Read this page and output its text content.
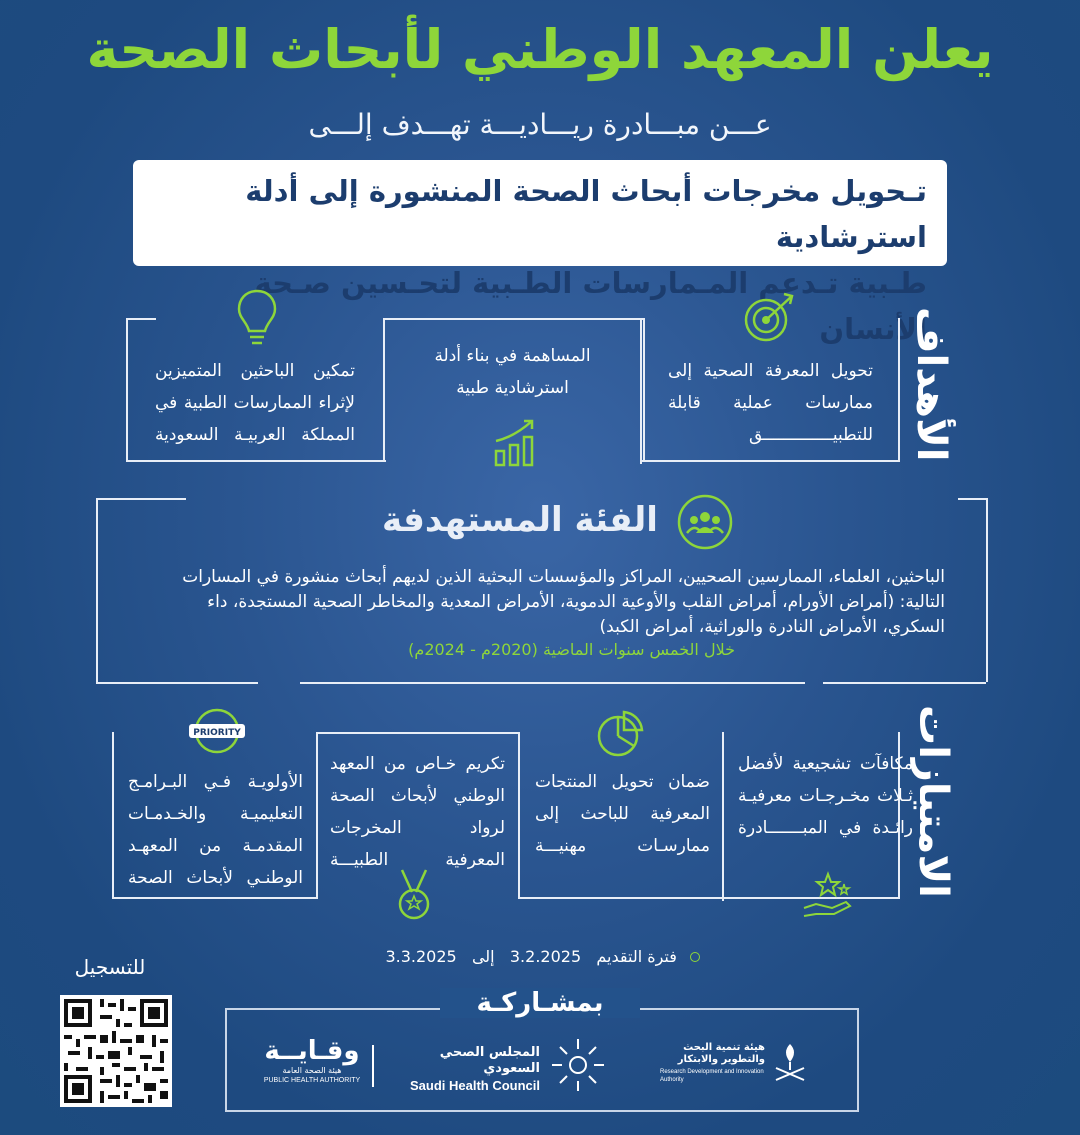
يعلن المعهد الوطني لأبحاث الصحة
عـــن مبـــادرة ريـــاديـــة تهـــدف إلـــى
تـحويل مخرجات أبحاث الصحة المنشورة إلى أدلة استرشادية
طـبية تـدعم المـمارسات الطـبية لتحـسين صـحة الأنسان
الأهداف
تحويل المعرفة الصحية إلى ممارسات عملية قابلة للتطبيــــــــــــــق
المساهمة في بناء أدلة استرشادية طبية
تمكين الباحثين المتميزين لإثراء الممارسات الطبية في المملكة العربيـة السعودية
الفئة المستهدفة
الباحثين، العلماء، الممارسين الصحيين، المراكز والمؤسسات البحثية الذين لديهم أبحاث منشورة في المسارات التالية: (أمراض الأورام، أمراض القلب والأوعية الدموية، الأمراض المعدية والمخاطر الصحية المستجدة، داء السكري، الأمراض النادرة والوراثية، أمراض الكبد)
خلال الخمس سنوات الماضية (2020م - 2024م)
الامتيازات
مكافآت تشجيعية لأفضل ثـلاث مخـرجـات معرفيـة رائـدة في المبـــــــادرة
ضمان تحويل المنتجات المعرفية للباحث إلى ممارسـات مهنيـــة
تكريم خـاص من المعهد الوطني لأبحاث الصحة لرواد المخرجات المعرفية الطبيـــة
الأولويـة فـي البـرامـج التعليميـة والخـدمـات المقدمـة من المعهـد الوطنـي لأبحاث الصحة
PRIORITY
فترة التقديم   3.2.2025   إلى   3.3.2025
بمشـاركـة
هيئة تنمية البحث والتطوير والابتكار
Research Development and Innovation Authority
المجلس الصحي السعودي
Saudi Health Council
وقـايــة
هيئة الصحة العامة
PUBLIC HEALTH AUTHORITY
للتسجيل
